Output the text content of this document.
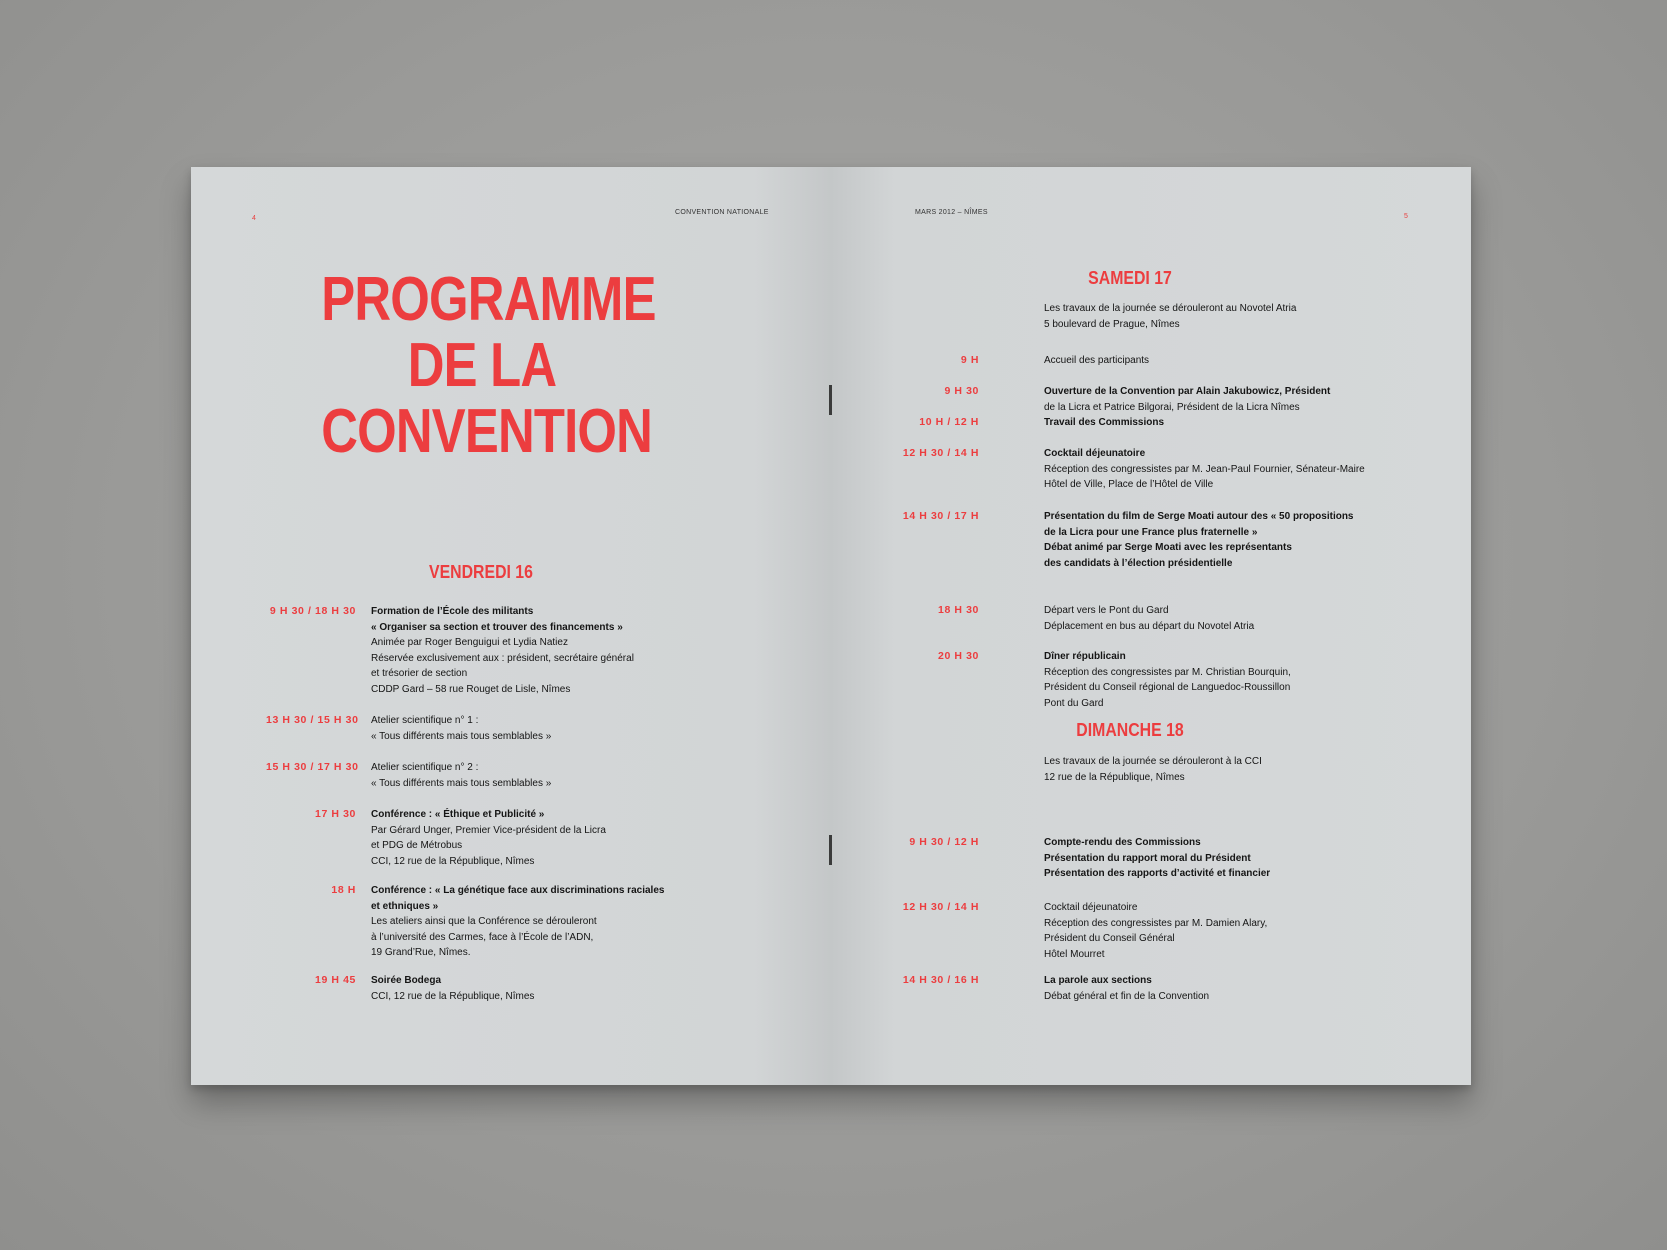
4
CONVENTION NATIONALE
PROGRAMME
DE LA
CONVENTION
VENDREDI 16
9 H 30 / 18 H 30 Formation de l’École des militants
« Organiser sa section et trouver des financements »
Animée par Roger Benguigui et Lydia Natiez
Réservée exclusivement aux : président, secrétaire général
et trésorier de section
CDDP Gard – 58 rue Rouget de Lisle, Nîmes
13 H 30 / 15 H 30 Atelier scientifique n° 1 :
« Tous différents mais tous semblables »
15 H 30 / 17 H 30 Atelier scientifique n° 2 :
« Tous différents mais tous semblables »
17 H 30 Conférence : « Éthique et Publicité »
Par Gérard Unger, Premier Vice-président de la Licra
et PDG de Métrobus
CCI, 12 rue de la République, Nîmes
18 H Conférence : « La génétique face aux discriminations raciales
et ethniques »
Les ateliers ainsi que la Conférence se dérouleront
à l’université des Carmes, face à l’École de l’ADN,
19 Grand’Rue, Nîmes.
19 H 45 Soirée Bodega
CCI, 12 rue de la République, Nîmes
MARS 2012 – NÎMES
5
SAMEDI 17
Les travaux de la journée se dérouleront au Novotel Atria
5 boulevard de Prague, Nîmes
9 H	Accueil des participants
9 H 30	Ouverture de la Convention par Alain Jakubowicz, Président
de la Licra et Patrice Bilgorai, Président de la Licra Nîmes
10 H / 12 H	Travail des Commissions
12 H 30 / 14 H	Cocktail déjeunatoire
Réception des congressistes par M. Jean-Paul Fournier, Sénateur-Maire
Hôtel de Ville, Place de l’Hôtel de Ville
14 H 30 / 17 H	Présentation du film de Serge Moati autour des « 50 propositions
de la Licra pour une France plus fraternelle »
Débat animé par Serge Moati avec les représentants
des candidats à l’élection présidentielle
18 H 30	Départ vers le Pont du Gard
Déplacement en bus au départ du Novotel Atria
20 H 30	Dîner républicain
Réception des congressistes par M. Christian Bourquin,
Président du Conseil régional de Languedoc-Roussillon
Pont du Gard
DIMANCHE 18
Les travaux de la journée se dérouleront à la CCI
12 rue de la République, Nîmes
9 H 30 / 12 H	Compte-rendu des Commissions
Présentation du rapport moral du Président
Présentation des rapports d’activité et financier
12 H 30 / 14 H	Cocktail déjeunatoire
Réception des congressistes par M. Damien Alary,
Président du Conseil Général
Hôtel Mourret
14 H 30 / 16 H	La parole aux sections
Débat général et fin de la Convention
